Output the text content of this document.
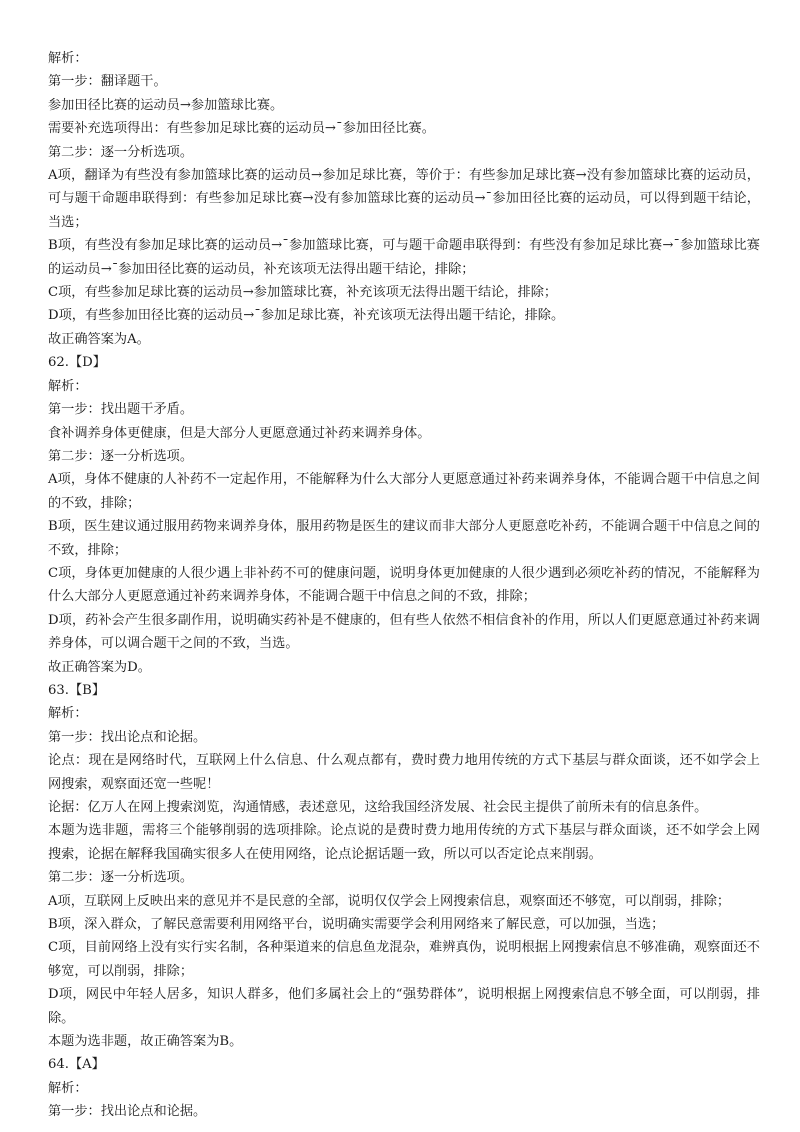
解析：
第一步：翻译题干。
参加田径比赛的运动员→参加篮球比赛。
需要补充选项得出：有些参加足球比赛的运动员→¯参加田径比赛。
第二步：逐一分析选项。
A项，翻译为有些没有参加篮球比赛的运动员→参加足球比赛，等价于：有些参加足球比赛→没有参加篮球比赛的运动员，可与题干命题串联得到：有些参加足球比赛→没有参加篮球比赛的运动员→¯参加田径比赛的运动员，可以得到题干结论，当选；
B项，有些没有参加足球比赛的运动员→¯参加篮球比赛，可与题干命题串联得到：有些没有参加足球比赛→¯参加篮球比赛的运动员→¯参加田径比赛的运动员，补充该项无法得出题干结论，排除；
C项，有些参加足球比赛的运动员→参加篮球比赛，补充该项无法得出题干结论，排除；
D项，有些参加田径比赛的运动员→¯参加足球比赛，补充该项无法得出题干结论，排除。
故正确答案为A。
62.【D】
解析：
第一步：找出题干矛盾。
食补调养身体更健康，但是大部分人更愿意通过补药来调养身体。
第二步：逐一分析选项。
A项，身体不健康的人补药不一定起作用，不能解释为什么大部分人更愿意通过补药来调养身体，不能调合题干中信息之间的不致，排除；
B项，医生建议通过服用药物来调养身体，服用药物是医生的建议而非大部分人更愿意吃补药，不能调合题干中信息之间的不致，排除；
C项，身体更加健康的人很少遇上非补药不可的健康问题，说明身体更加健康的人很少遇到必须吃补药的情况，不能解释为什么大部分人更愿意通过补药来调养身体，不能调合题干中信息之间的不致，排除；
D项，药补会产生很多副作用，说明确实药补是不健康的，但有些人依然不相信食补的作用，所以人们更愿意通过补药来调养身体，可以调合题干之间的不致，当选。
故正确答案为D。
63.【B】
解析：
第一步：找出论点和论据。
论点：现在是网络时代，互联网上什么信息、什么观点都有，费时费力地用传统的方式下基层与群众面谈，还不如学会上网搜索，观察面还宽一些呢！
论据：亿万人在网上搜索浏览，沟通情感，表述意见，这给我国经济发展、社会民主提供了前所未有的信息条件。
本题为选非题，需将三个能够削弱的选项排除。论点说的是费时费力地用传统的方式下基层与群众面谈，还不如学会上网搜索，论据在解释我国确实很多人在使用网络，论点论据话题一致，所以可以否定论点来削弱。
第二步：逐一分析选项。
A项，互联网上反映出来的意见并不是民意的全部，说明仅仅学会上网搜索信息，观察面还不够宽，可以削弱，排除；
B项，深入群众，了解民意需要利用网络平台，说明确实需要学会利用网络来了解民意，可以加强，当选；
C项，目前网络上没有实行实名制，各种渠道来的信息鱼龙混杂，难辨真伪，说明根据上网搜索信息不够准确，观察面还不够宽，可以削弱，排除；
D项，网民中年轻人居多，知识人群多，他们多属社会上的“强势群体”，说明根据上网搜索信息不够全面，可以削弱，排除。
本题为选非题，故正确答案为B。
64.【A】
解析：
第一步：找出论点和论据。
